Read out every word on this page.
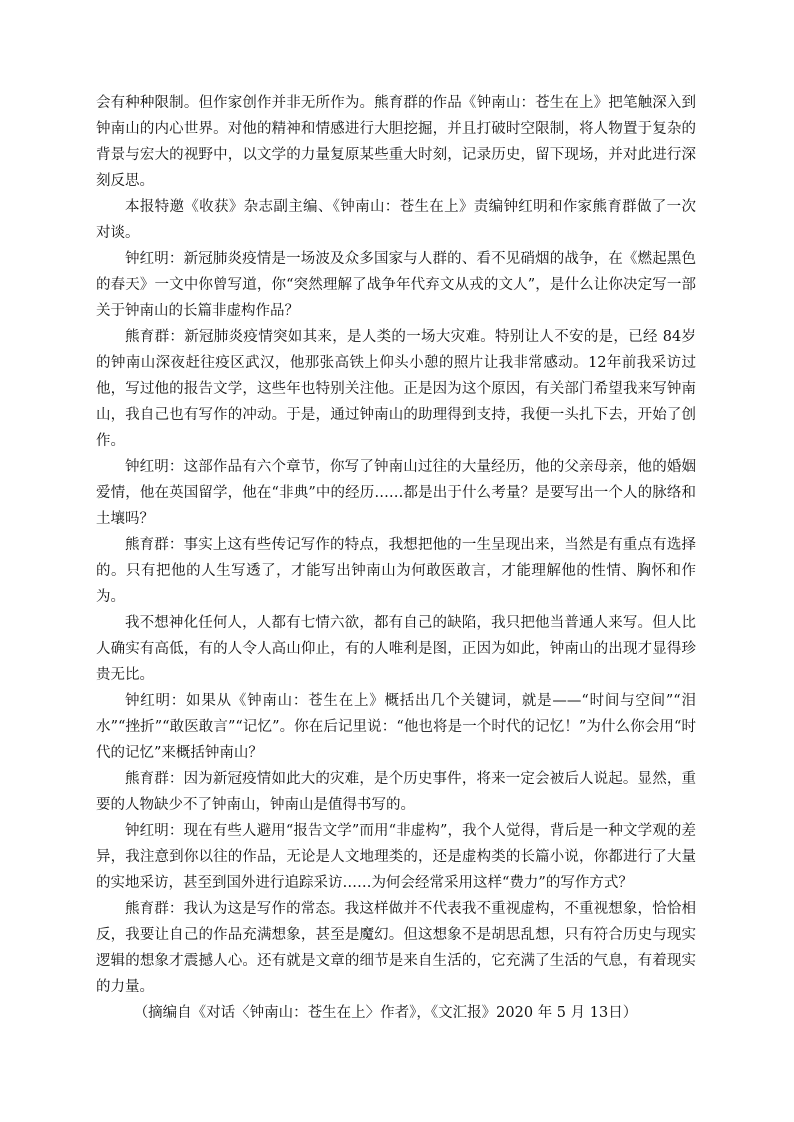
会有种种限制。但作家创作并非无所作为。熊育群的作品《钟南山：苍生在上》把笔触深入到钟南山的内心世界。对他的精神和情感进行大胆挖掘，并且打破时空限制，将人物置于复杂的背景与宏大的视野中，以文学的力量复原某些重大时刻，记录历史，留下现场，并对此进行深刻反思。

本报特邀《收获》杂志副主编、《钟南山：苍生在上》责编钟红明和作家熊育群做了一次对谈。

钟红明：新冠肺炎疫情是一场波及众多国家与人群的、看不见硝烟的战争，在《燃起黑色的春天》一文中你曾写道，你“突然理解了战争年代弃文从戎的文人”，是什么让你决定写一部关于钟南山的长篇非虚构作品？

熊育群：新冠肺炎疫情突如其来，是人类的一场大灾难。特别让人不安的是，已经 84岁的钟南山深夜赶往疫区武汉，他那张高铁上仰头小憩的照片让我非常感动。12年前我采访过他，写过他的报告文学，这些年也特别关注他。正是因为这个原因，有关部门希望我来写钟南山，我自己也有写作的冲动。于是，通过钟南山的助理得到支持，我便一头扎下去，开始了创作。

钟红明：这部作品有六个章节，你写了钟南山过往的大量经历，他的父亲母亲，他的婚姻爱情，他在英国留学，他在“非典”中的经历……都是出于什么考量？是要写出一个人的脉络和土壤吗？

熊育群：事实上这有些传记写作的特点，我想把他的一生呈现出来，当然是有重点有选择的。只有把他的人生写透了，才能写出钟南山为何敢医敢言，才能理解他的性情、胸怀和作为。

我不想神化任何人，人都有七情六欲，都有自己的缺陷，我只把他当普通人来写。但人比人确实有高低，有的人令人高山仰止，有的人唯利是图，正因为如此，钟南山的出现才显得珍贵无比。

钟红明：如果从《钟南山：苍生在上》概括出几个关键词，就是——“时间与空间”“泪水”“挫折”“敢医敢言”“记忆”。你在后记里说：“他也将是一个时代的记忆！”为什么你会用“时代的记忆”来概括钟南山？

熊育群：因为新冠疫情如此大的灾难，是个历史事件，将来一定会被后人说起。显然，重要的人物缺少不了钟南山，钟南山是值得书写的。

钟红明：现在有些人避用“报告文学”而用“非虚构”，我个人觉得，背后是一种文学观的差异，我注意到你以往的作品，无论是人文地理类的，还是虚构类的长篇小说，你都进行了大量的实地采访，甚至到国外进行追踪采访……为何会经常采用这样“费力”的写作方式？

熊育群：我认为这是写作的常态。我这样做并不代表我不重视虚构，不重视想象，恰恰相反，我要让自己的作品充满想象，甚至是魔幻。但这想象不是胡思乱想，只有符合历史与现实逻辑的想象才震撼人心。还有就是文章的细节是来自生活的，它充满了生活的气息，有着现实的力量。

（摘编自《对话〈钟南山：苍生在上〉作者》，《文汇报》2020 年 5 月 13日）
